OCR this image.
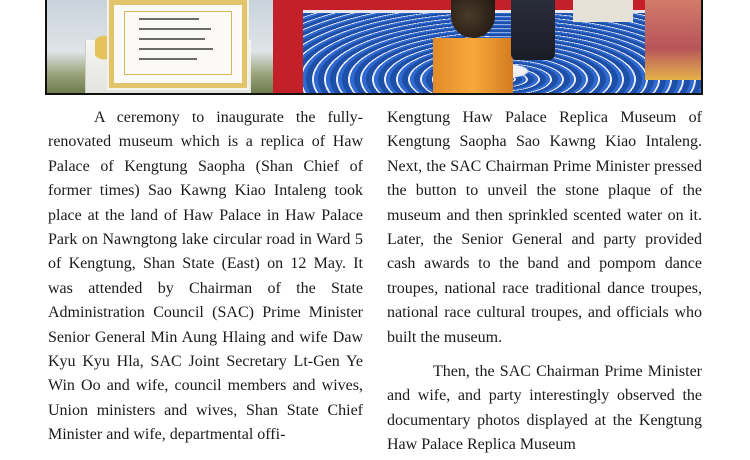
A ceremony to inaugurate the fully-renovated museum which is a replica of Haw Palace of Kengtung Saopha (Shan Chief of former times) Sao Kawng Kiao Intaleng took place at the land of Haw Palace in Haw Palace Park on Nawngtong lake circular road in Ward 5 of Kengtung, Shan State (East) on 12 May. It was attended by Chairman of the State Administration Council (SAC) Prime Minister Senior General Min Aung Hlaing and wife Daw Kyu Kyu Hla, SAC Joint Secretary Lt-Gen Ye Win Oo and wife, council members and wives, Union ministers and wives, Shan State Chief Minister and wife, departmental offi-

Kengtung Haw Palace Replica Museum of Kengtung Saopha Sao Kawng Kiao Intaleng. Next, the SAC Chairman Prime Minister pressed the button to unveil the stone plaque of the museum and then sprinkled scented water on it. Later, the Senior General and party provided cash awards to the band and pompom dance troupes, national race traditional dance troupes, national race cultural troupes, and officials who built the museum.

Then, the SAC Chairman Prime Minister and wife, and party interestingly observed the documentary photos displayed at the Kengtung Haw Palace Replica Museum
